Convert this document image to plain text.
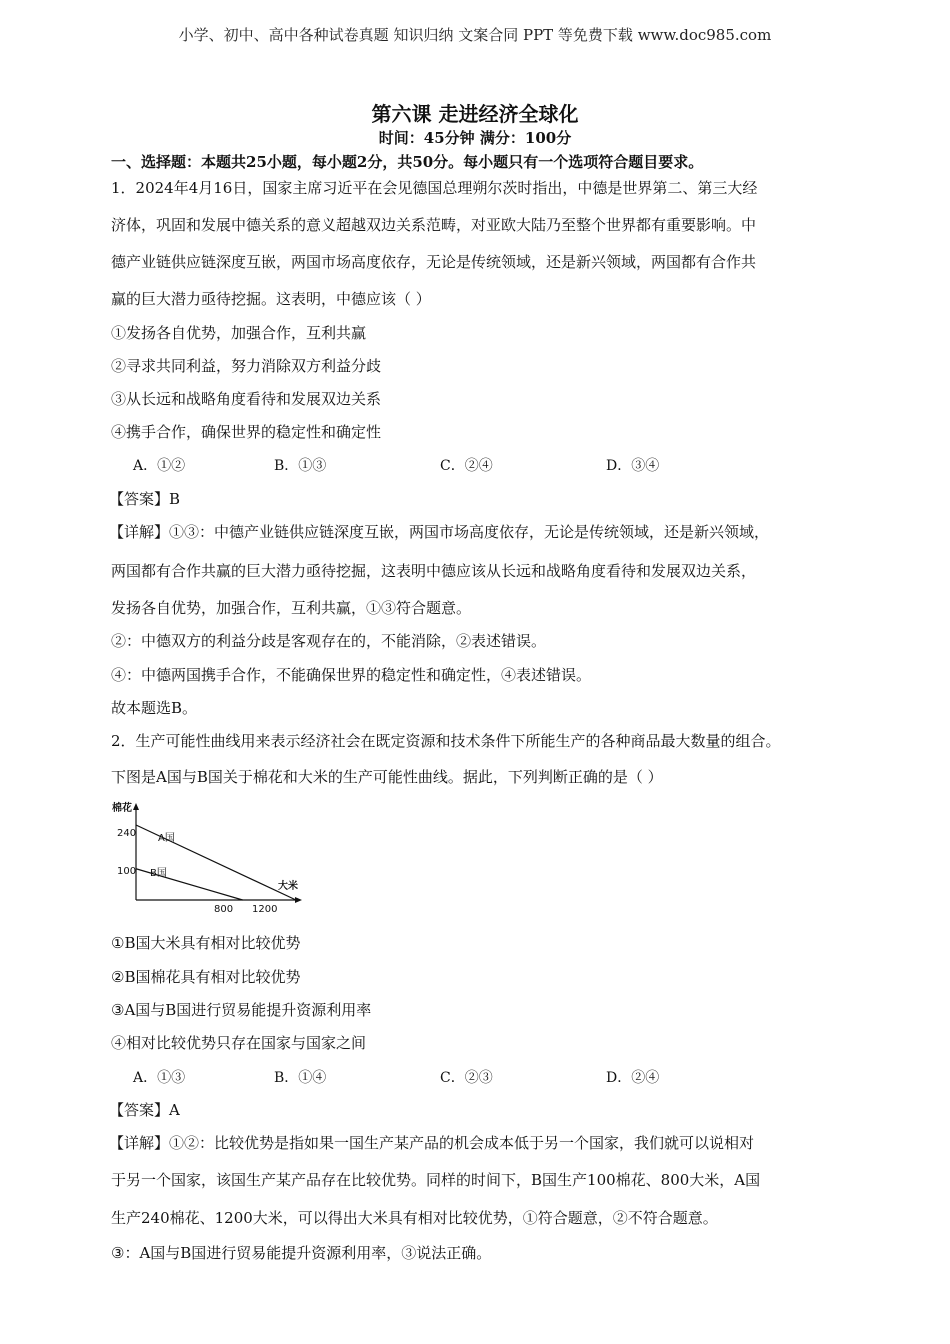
小学、初中、高中各种试卷真题 知识归纳 文案合同 PPT 等免费下载 www.doc985.com
第六课 走进经济全球化
时间：45分钟 满分：100分
一、选择题：本题共25小题，每小题2分，共50分。每小题只有一个选项符合题目要求。
1．2024年4月16日，国家主席习近平在会见德国总理朔尔茨时指出，中德是世界第二、第三大经
济体，巩固和发展中德关系的意义超越双边关系范畴，对亚欧大陆乃至整个世界都有重要影响。中
德产业链供应链深度互嵌，两国市场高度依存，无论是传统领域，还是新兴领域，两国都有合作共
赢的巨大潜力亟待挖掘。这表明，中德应该（ ）
①发扬各自优势，加强合作，互利共赢
②寻求共同利益，努力消除双方利益分歧
③从长远和战略角度看待和发展双边关系
④携手合作，确保世界的稳定性和确定性
A．①②	B．①③	C．②④	D．③④
【答案】B
【详解】①③：中德产业链供应链深度互嵌，两国市场高度依存，无论是传统领域，还是新兴领域，
两国都有合作共赢的巨大潜力亟待挖掘，这表明中德应该从长远和战略角度看待和发展双边关系，
发扬各自优势，加强合作，互利共赢，①③符合题意。
②：中德双方的利益分歧是客观存在的，不能消除，②表述错误。
④：中德两国携手合作，不能确保世界的稳定性和确定性，④表述错误。
故本题选B。
2．生产可能性曲线用来表示经济社会在既定资源和技术条件下所能生产的各种商品最大数量的组合。
下图是A国与B国关于棉花和大米的生产可能性曲线。据此，下列判断正确的是（ ）
棉花
大米
240
100
800 1200
A国
B国
①B国大米具有相对比较优势
②B国棉花具有相对比较优势
③A国与B国进行贸易能提升资源利用率
④相对比较优势只存在国家与国家之间
A．①③	B．①④	C．②③	D．②④
【答案】A
【详解】①②：比较优势是指如果一国生产某产品的机会成本低于另一个国家，我们就可以说相对
于另一个国家，该国生产某产品存在比较优势。同样的时间下，B国生产100棉花、800大米，A国
生产240棉花、1200大米，可以得出大米具有相对比较优势，①符合题意，②不符合题意。
③：A国与B国进行贸易能提升资源利用率，③说法正确。
